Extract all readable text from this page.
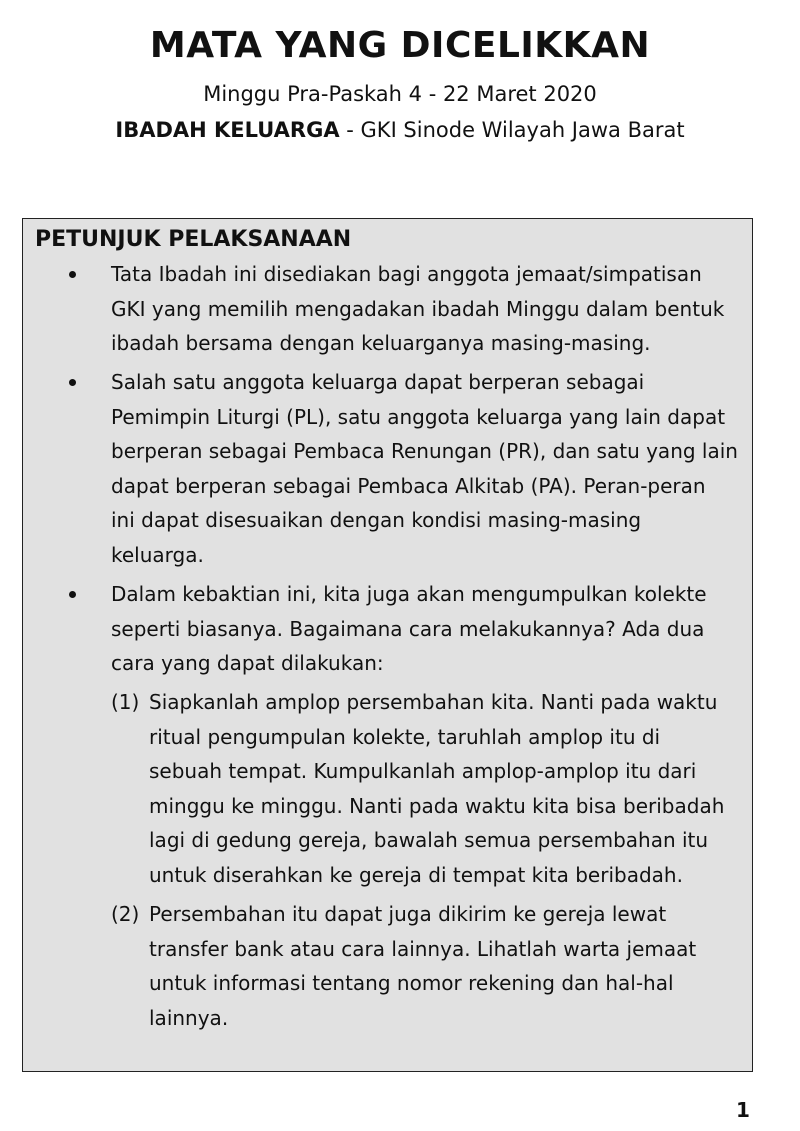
MATA YANG DICELIKKAN
Minggu Pra-Paskah 4 - 22 Maret 2020
IBADAH KELUARGA - GKI Sinode Wilayah Jawa Barat
PETUNJUK PELAKSANAAN
Tata Ibadah ini disediakan bagi anggota jemaat/simpatisan
GKI yang memilih mengadakan ibadah Minggu dalam bentuk
ibadah bersama dengan keluarganya masing-masing.
Salah satu anggota keluarga dapat berperan sebagai
Pemimpin Liturgi (PL), satu anggota keluarga yang lain dapat
berperan sebagai Pembaca Renungan (PR), dan satu yang lain
dapat berperan sebagai Pembaca Alkitab (PA). Peran-peran
ini dapat disesuaikan dengan kondisi masing-masing
keluarga.
Dalam kebaktian ini, kita juga akan mengumpulkan kolekte
seperti biasanya. Bagaimana cara melakukannya? Ada dua
cara yang dapat dilakukan:
(1) Siapkanlah amplop persembahan kita. Nanti pada waktu
ritual pengumpulan kolekte, taruhlah amplop itu di
sebuah tempat. Kumpulkanlah amplop-amplop itu dari
minggu ke minggu. Nanti pada waktu kita bisa beribadah
lagi di gedung gereja, bawalah semua persembahan itu
untuk diserahkan ke gereja di tempat kita beribadah.
(2) Persembahan itu dapat juga dikirim ke gereja lewat
transfer bank atau cara lainnya. Lihatlah warta jemaat
untuk informasi tentang nomor rekening dan hal-hal
lainnya.
1
